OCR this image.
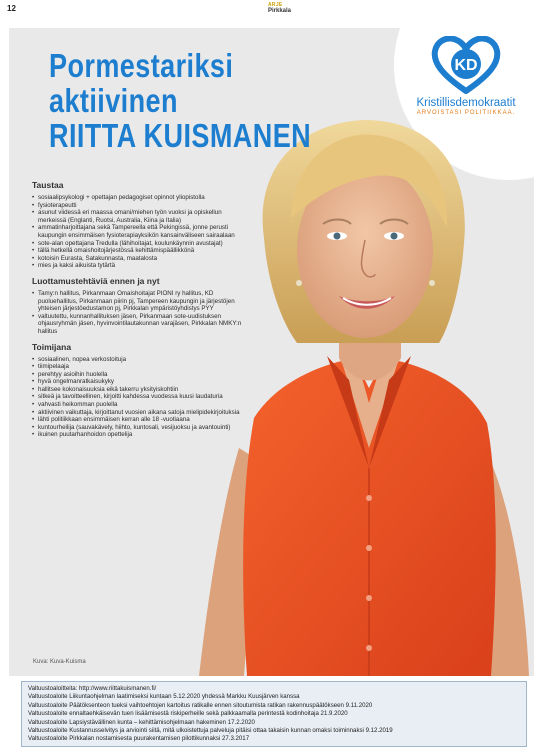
12	ARJE
Pirkkala
Pormestariksi
aktiivinen
RIITTA KUISMANEN
KD
Kristillisdemokraatit
ARVOISTASI POLITIIKKAA.
Taustaa
• sosiaalipsykologi + opettajan pedagogiset opinnot yliopistolla
• fysioterapeutti
• asunut viidessä eri maassa omani/miehen työn vuoksi ja opiskellun merkeissä (Englanti, Ruotsi, Australia, Kiina ja Italia)
• ammatinharjoittajana sekä Tampereella että Pekingissä, jonne perusti kaupungin ensimmäisen fysioterapiayksikön kansainväliseen sairaalaan
• sote-alan opettajana Tredulla (lähihoitajat, koulunkäynnin avustajat)
• tällä hetkellä omaishoitojärjestössä kehittämispäällikkönä
• kotoisin Eurasta, Satakunnasta, maatalosta
• mies ja kaksi aikuista tytärtä
Luottamustehtäviä ennen ja nyt
• Tamy:n hallitus, Pirkanmaan Omaishoitajat PIONI ry hallitus, KD puoluehallitus, Pirkanmaan piirin pj, Tampereen kaupungin ja järjestöjen yhteisen järjestöedustamon pj, Pirkkalan ympäristöyhdistys PYY
• valtuutettu, kunnanhallituksen jäsen, Pirkanmaan sote-uudistuksen ohjausryhmän jäsen, hyvinvointilautakunnan varajäsen, Pirkkalan NMKY:n hallitus
Toimijana
• sosiaalinen, nopea verkostoituja
• tiimipelaaja
• perehtyy asioihin huolella
• hyvä ongelmanratkaisukyky
• hallitsee kokonaisuuksia eikä takerru yksityiskohtiin
• sitkeä ja tavoitteellinen, kirjoitti kahdessa vuodessa kuusi laudaturia
• vahvasti heikomman puolella
• aktiivinen vaikuttaja, kirjoittanut vuosien aikana satoja mielipidekirjoituksia
• lähti politiikkaan ensimmäisen kerran alle 18 -vuotiaana
• kuntourheilija (sauvakävely, hiihto, kuntosali, vesijuoksu ja avantouinti)
• ikuinen puutarhanhoidon opettelija
Kuva: Kuva-Kuisma
Valtuustoaloitteita: http://www.riittakuismanen.fi/
Valtuustoaloite Liikuntaohjelman laatimiseksi kuntaan 5.12.2020 yhdessä Markku Kuusjärven kanssa
Valtuustoaloite Päätöksenteon tueksi vaihtoehtojen kartoitus ratikalle ennen sitoutumista ratikan rakennuspäätökseen 9.11.2020
Valtuustoaloite ennaltaehkäisevän tuen lisäämisestä riskiperheille sekä palkkaamalla perintestä kodinhoitaja 21.9.2020
Valtuustoaloite Lapsiystävällinen kunta – kehittämisohjelmaan hakeminen 17.2.2020
Valtuustoaloite Kustannusselvitys ja arviointi siitä, mitä ulkoistettuja palveluja pitäisi ottaa takaisin kunnan omaksi toiminnaksi 9.12.2019
Valtuustoaloite Pirkkalan nostamisesta puurakentamisen pilottikunnaksi 27.3.2017
